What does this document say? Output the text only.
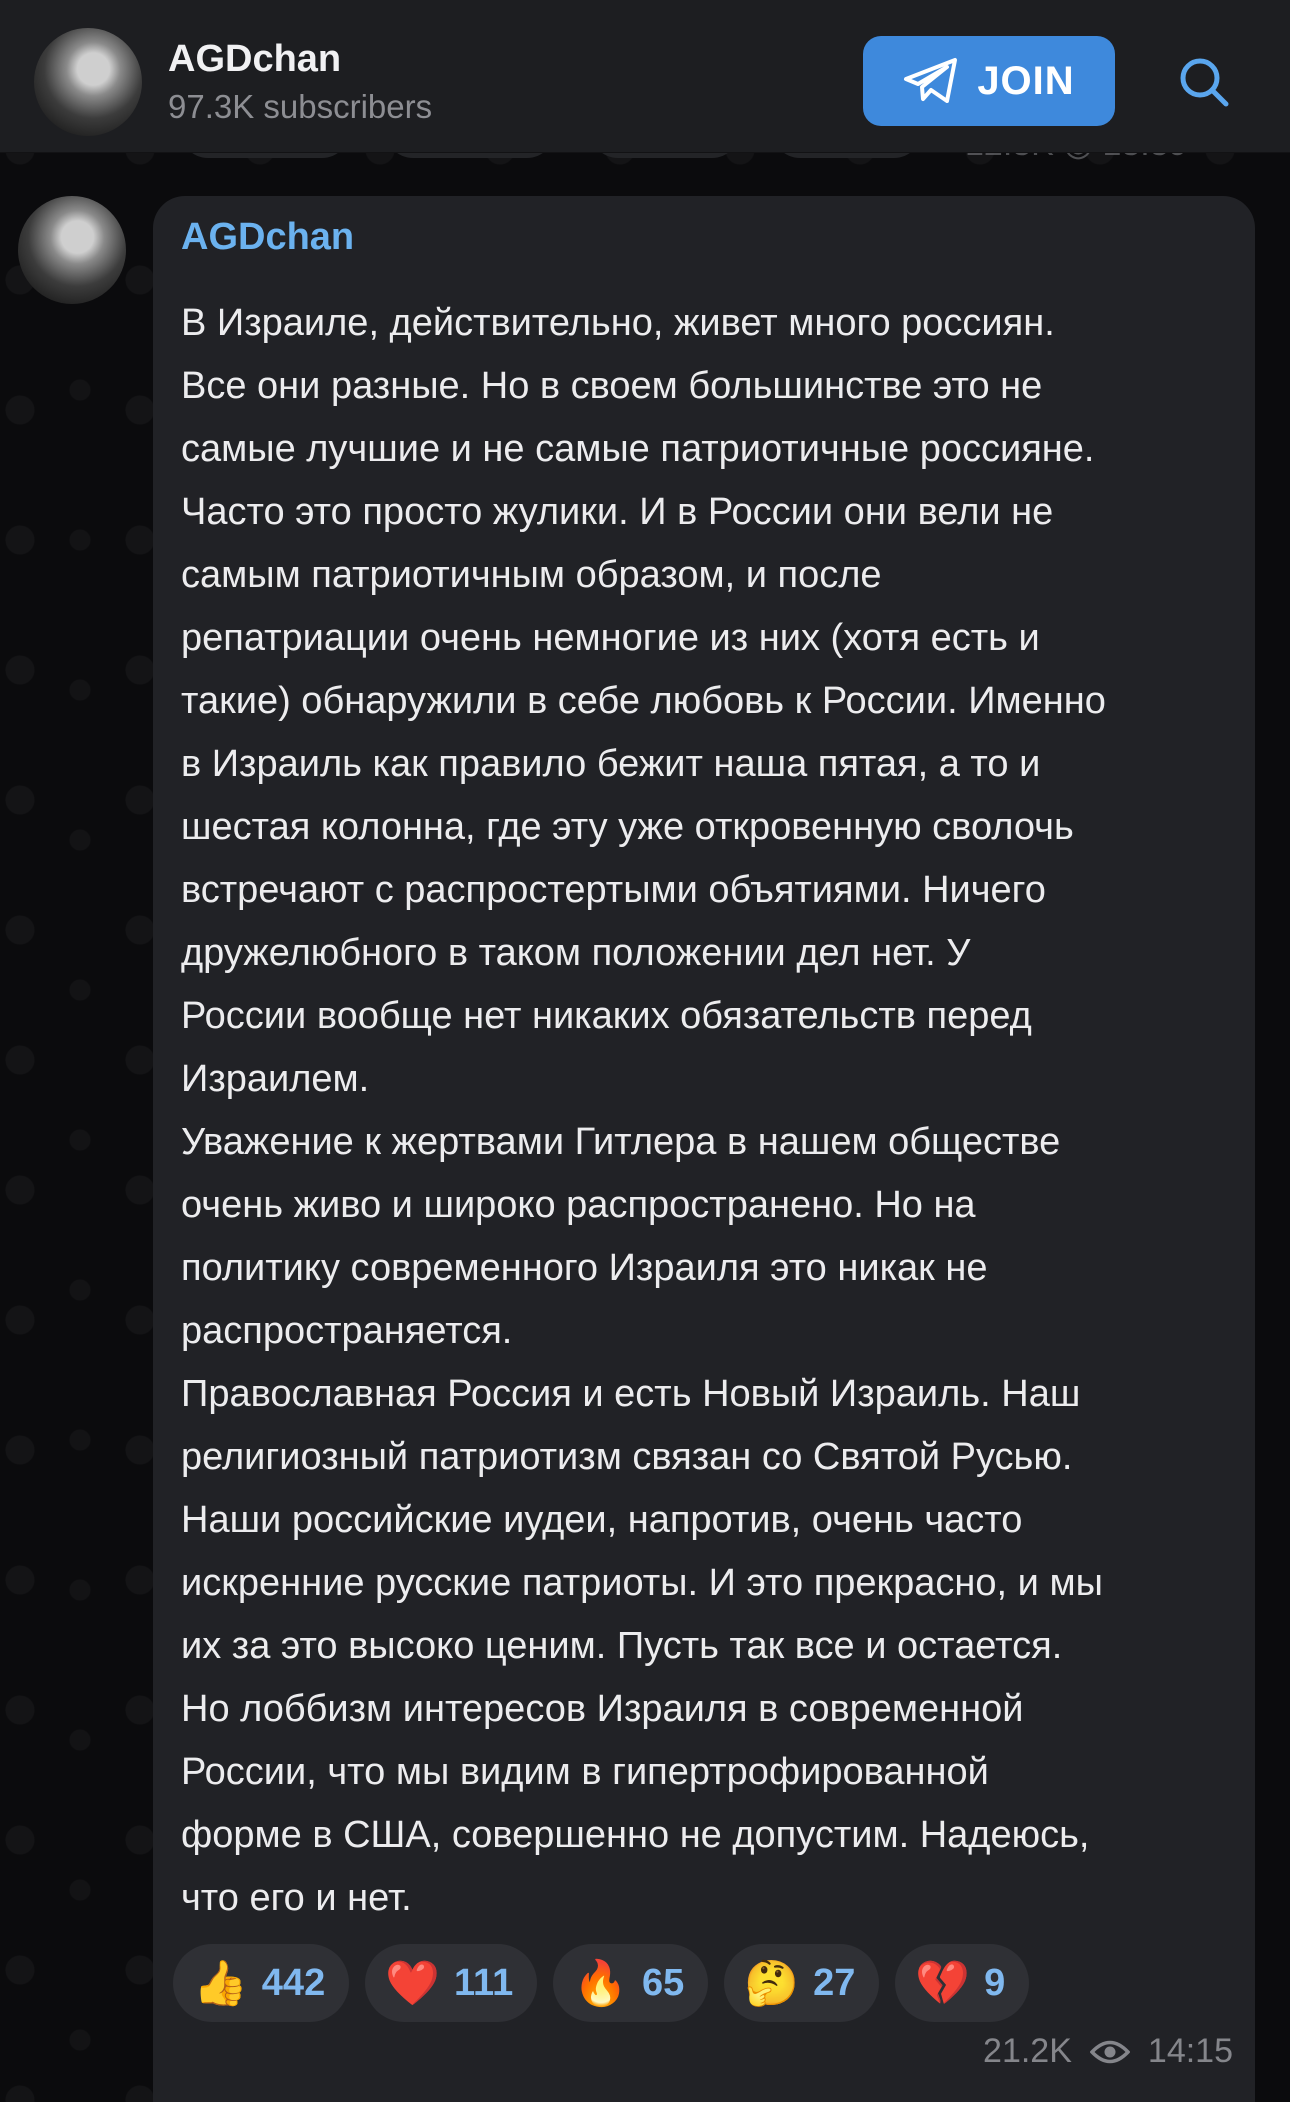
AGDchan
97.3K subscribers
JOIN
AGDchan
В Израиле, действительно, живет много россиян.
Все они разные. Но в своем большинстве это не
самые лучшие и не самые патриотичные россияне.
Часто это просто жулики. И в России они вели не
самым патриотичным образом, и после
репатриации очень немногие из них (хотя есть и
такие) обнаружили в себе любовь к России. Именно
в Израиль как правило бежит наша пятая, а то и
шестая колонна, где эту уже откровенную сволочь
встречают с распростертыми объятиями. Ничего
дружелюбного в таком положении дел нет. У
России вообще нет никаких обязательств перед
Израилем.
Уважение к жертвами Гитлера в нашем обществе
очень живо и широко распространено. Но на
политику современного Израиля это никак не
распространяется.
Православная Россия и есть Новый Израиль. Наш
религиозный патриотизм связан со Святой Русью.
Наши российские иудеи, напротив, очень часто
искренние русские патриоты. И это прекрасно, и мы
их за это высоко ценим. Пусть так все и остается.
Но лоббизм интересов Израиля в современной
России, что мы видим в гипертрофированной
форме в США, совершенно не допустим. Надеюсь,
что его и нет.
👍 442 ❤️ 111 🔥 65 🤔 27 💔 9
21.2K 14:15
